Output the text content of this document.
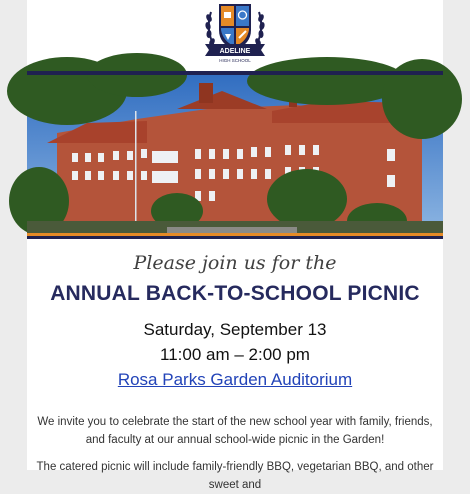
ADELINE
HIGH SCHOOL

Please join us for the

ANNUAL BACK-TO-SCHOOL PICNIC

Saturday, September 13

11:00 am – 2:00 pm

Rosa Parks Garden Auditorium

We invite you to celebrate the start of the new school year with family, friends, and faculty at our annual school-wide picnic in the Garden!

The catered picnic will include family-friendly BBQ, vegetarian BBQ, and other sweet and
